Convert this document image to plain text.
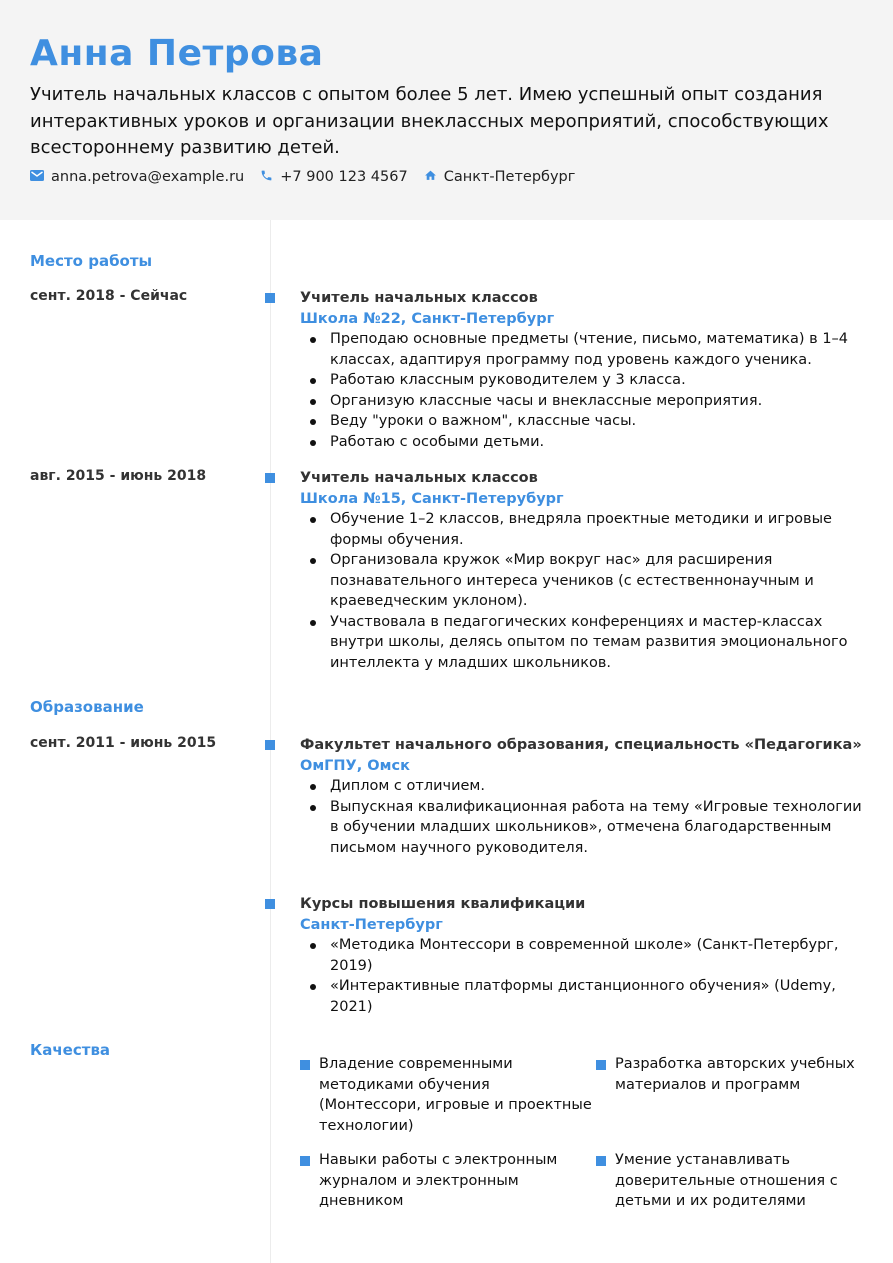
Анна Петрова
Учитель начальных классов с опытом более 5 лет. Имею успешный опыт создания интерактивных уроков и организации внеклассных мероприятий, способствующих всестороннему развитию детей.
anna.petrova@example.ru +7 900 123 4567 Санкт-Петербург
Место работы
сент. 2018 - Сейчас	Учитель начальных классов
Школа №22, Санкт-Петербург
Преподаю основные предметы (чтение, письмо, математика) в 1–4 классах, адаптируя программу под уровень каждого ученика.
Работаю классным руководителем у 3 класса.
Организую классные часы и внеклассные мероприятия.
Веду "уроки о важном", классные часы.
Работаю с особыми детьми.
авг. 2015 - июнь 2018	Учитель начальных классов
Школа №15, Санкт-Петерубург
Обучение 1–2 классов, внедряла проектные методики и игровые формы обучения.
Организовала кружок «Мир вокруг нас» для расширения познавательного интереса учеников (с естественнонаучным и краеведческим уклоном).
Участвовала в педагогических конференциях и мастер-классах внутри школы, делясь опытом по темам развития эмоционального интеллекта у младших школьников.
Образование
сент. 2011 - июнь 2015	Факультет начального образования, специальность «Педагогика»
ОмГПУ, Омск
Диплом с отличием.
Выпускная квалификационная работа на тему «Игровые технологии в обучении младших школьников», отмечена благодарственным письмом научного руководителя.
Курсы повышения квалификации
Санкт-Петербург
«Методика Монтессори в современной школе» (Санкт-Петербург, 2019)
«Интерактивные платформы дистанционного обучения» (Udemy, 2021)
Качества
Владение современными методиками обучения (Монтессори, игровые и проектные технологии)
Разработка авторских учебных материалов и программ
Навыки работы с электронным журналом и электронным дневником
Умение устанавливать доверительные отношения с детьми и их родителями
